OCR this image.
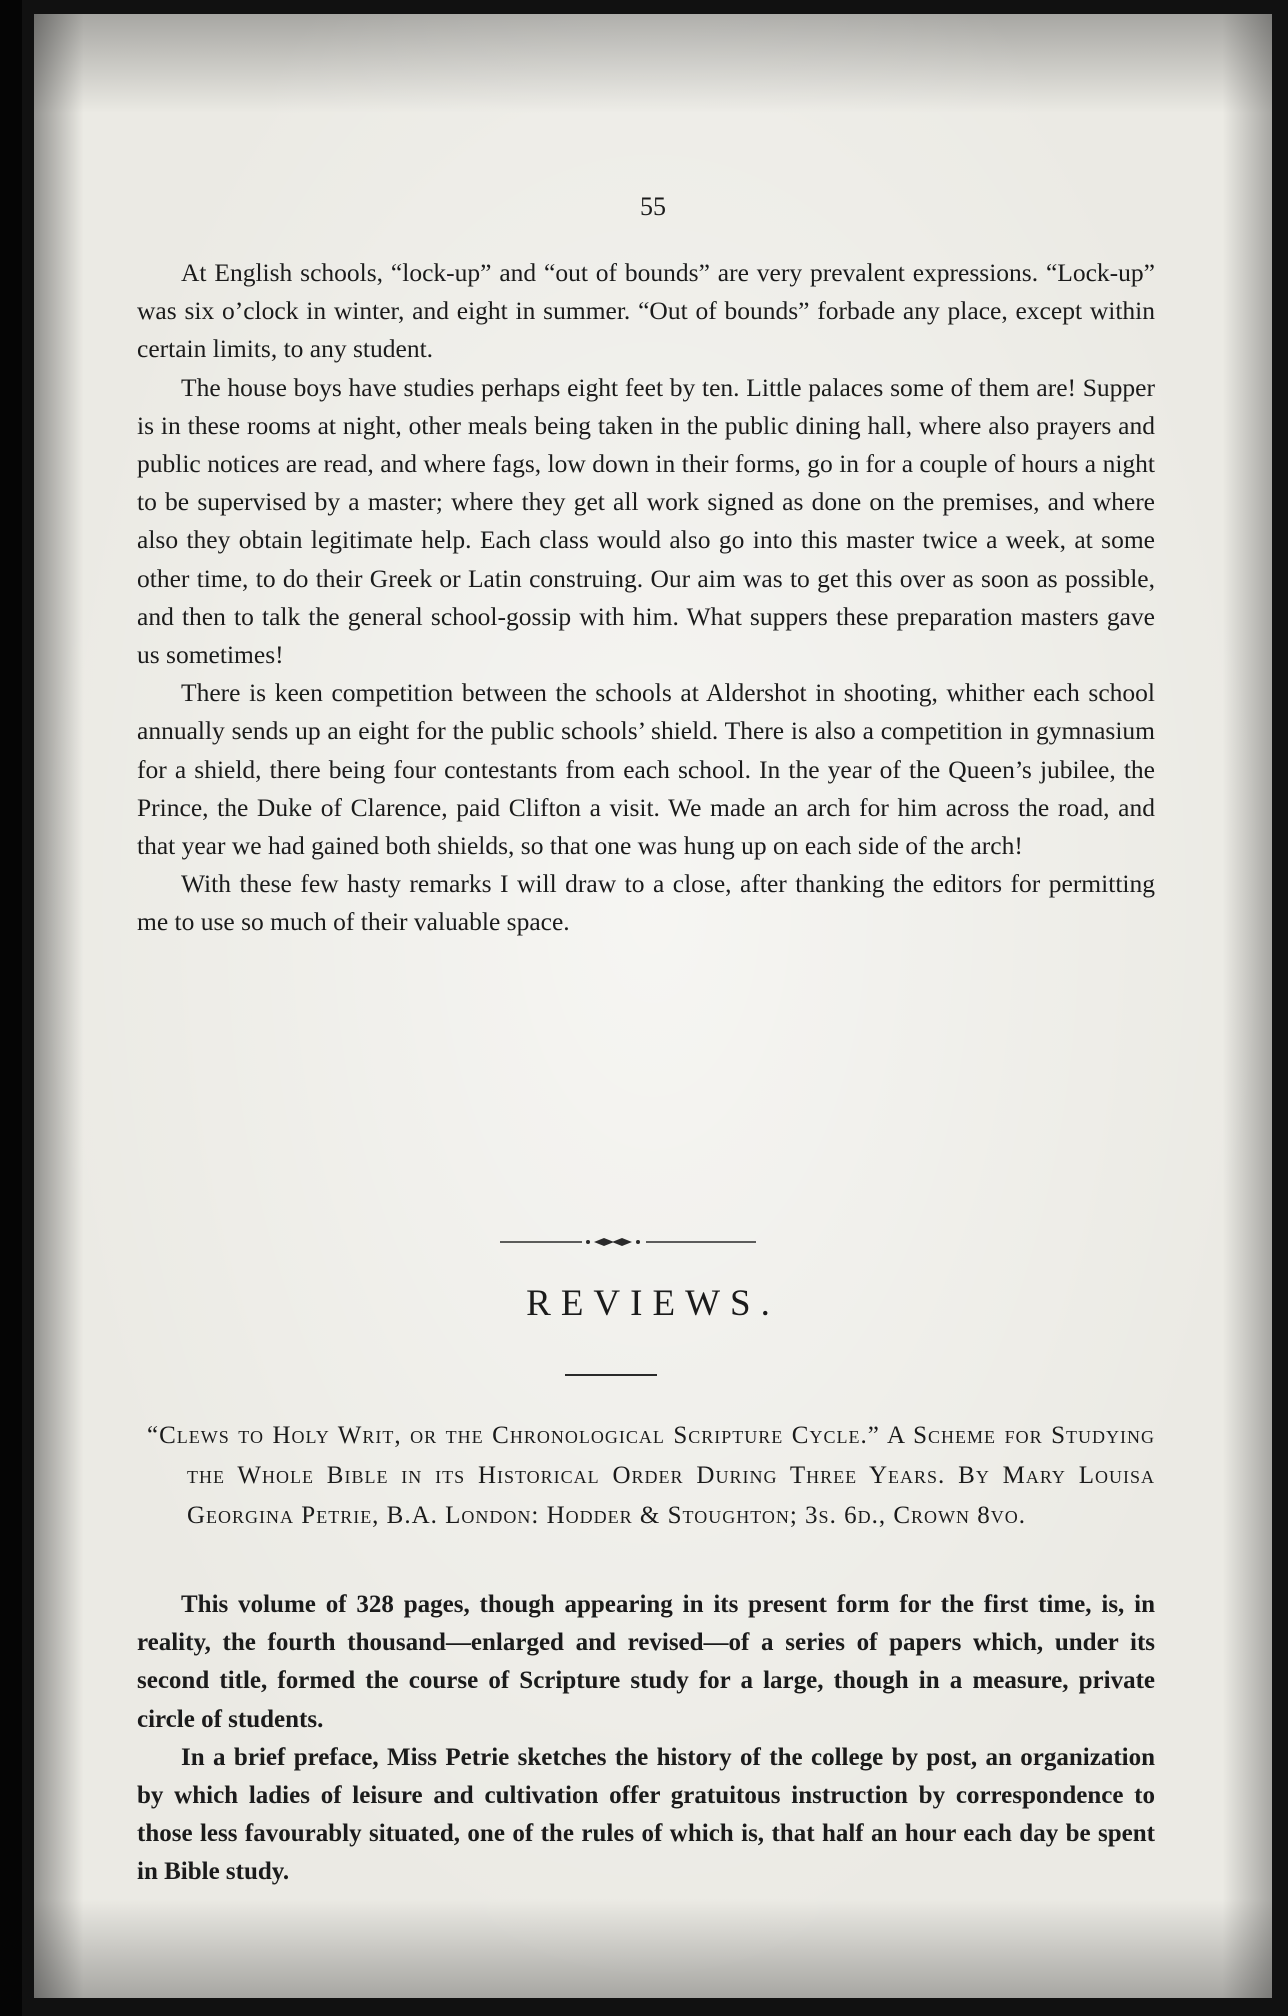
55

At English schools, “lock-up” and “out of bounds” are very prevalent expressions. “Lock-up” was six o’clock in winter, and eight in summer. “Out of bounds” forbade any place, except within certain limits, to any student.

The house boys have studies perhaps eight feet by ten. Little palaces some of them are! Supper is in these rooms at night, other meals being taken in the public dining hall, where also prayers and public notices are read, and where fags, low down in their forms, go in for a couple of hours a night to be supervised by a master; where they get all work signed as done on the premises, and where also they obtain legitimate help. Each class would also go into this master twice a week, at some other time, to do their Greek or Latin construing. Our aim was to get this over as soon as possible, and then to talk the general school-gossip with him. What suppers these preparation masters gave us sometimes!

There is keen competition between the schools at Aldershot in shooting, whither each school annually sends up an eight for the public schools’ shield. There is also a competition in gymnasium for a shield, there being four contestants from each school. In the year of the Queen’s jubilee, the Prince, the Duke of Clarence, paid Clifton a visit. We made an arch for him across the road, and that year we had gained both shields, so that one was hung up on each side of the arch!

With these few hasty remarks I will draw to a close, after thanking the editors for permitting me to use so much of their valuable space.

REVIEWS.
“Clews to Holy Writ, or the Chronological Scripture Cycle.” A Scheme for Studying the Whole Bible in its Historical Order During Three Years. By Mary Louisa Georgina Petrie, B.A. London: Hodder & Stoughton; 3s. 6d., Crown 8vo.

This volume of 328 pages, though appearing in its present form for the first time, is, in reality, the fourth thousand—enlarged and revised—of a series of papers which, under its second title, formed the course of Scripture study for a large, though in a measure, private circle of students.

In a brief preface, Miss Petrie sketches the history of the college by post, an organization by which ladies of leisure and cultivation offer gratuitous instruction by correspondence to those less favourably situated, one of the rules of which is, that half an hour each day be spent in Bible study.
